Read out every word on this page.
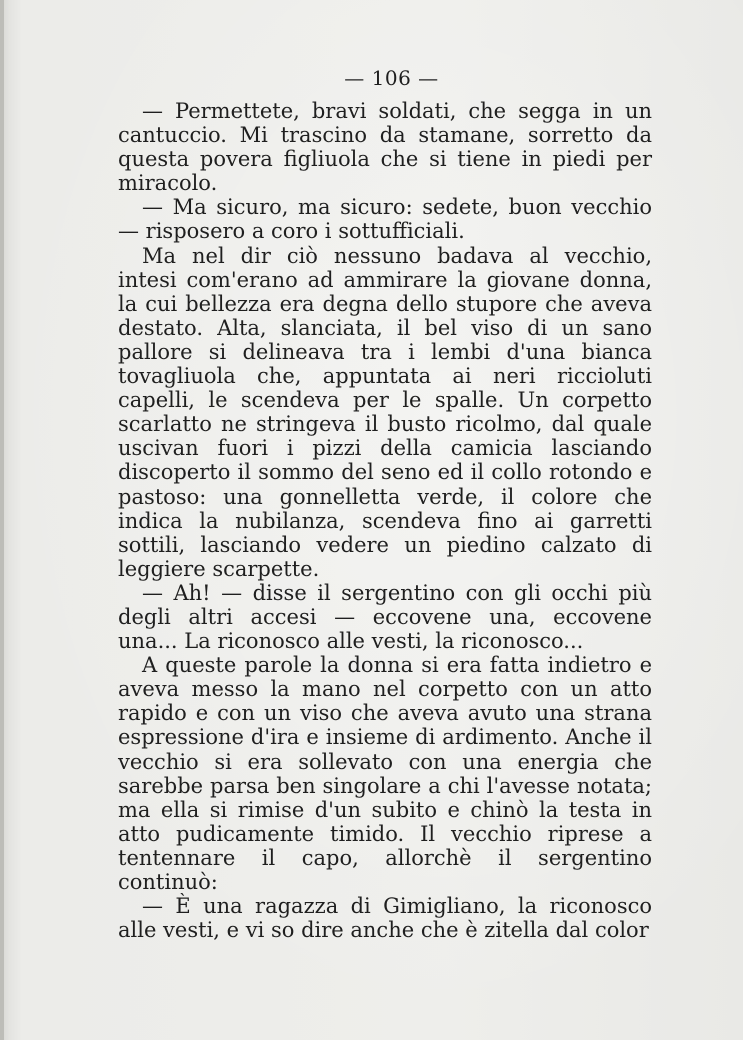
— 106 —

— Permettete, bravi soldati, che segga in un cantuccio. Mi trascino da stamane, sorretto da questa povera figliuola che si tiene in piedi per miracolo.

— Ma sicuro, ma sicuro: sedete, buon vecchio — risposero a coro i sottufficiali.

Ma nel dir ciò nessuno badava al vecchio, intesi com'erano ad ammirare la giovane donna, la cui bellezza era degna dello stupore che aveva destato. Alta, slanciata, il bel viso di un sano pallore si delineava tra i lembi d'una bianca tovagliuola che, appuntata ai neri riccioluti capelli, le scendeva per le spalle. Un corpetto scarlatto ne stringeva il busto ricolmo, dal quale uscivan fuori i pizzi della camicia lasciando discoperto il sommo del seno ed il collo rotondo e pastoso: una gonnelletta verde, il colore che indica la nubilanza, scendeva fino ai garretti sottili, lasciando vedere un piedino calzato di leggiere scarpette.

— Ah! — disse il sergentino con gli occhi più degli altri accesi — eccovene una, eccovene una... La riconosco alle vesti, la riconosco...

A queste parole la donna si era fatta indietro e aveva messo la mano nel corpetto con un atto rapido e con un viso che aveva avuto una strana espressione d'ira e insieme di ardimento. Anche il vecchio si era sollevato con una energia che sarebbe parsa ben singolare a chi l'avesse notata; ma ella si rimise d'un subito e chinò la testa in atto pudicamente timido. Il vecchio riprese a tentennare il capo, allorchè il sergentino continuò:

— È una ragazza di Gimigliano, la riconosco alle vesti, e vi so dire anche che è zitella dal color
